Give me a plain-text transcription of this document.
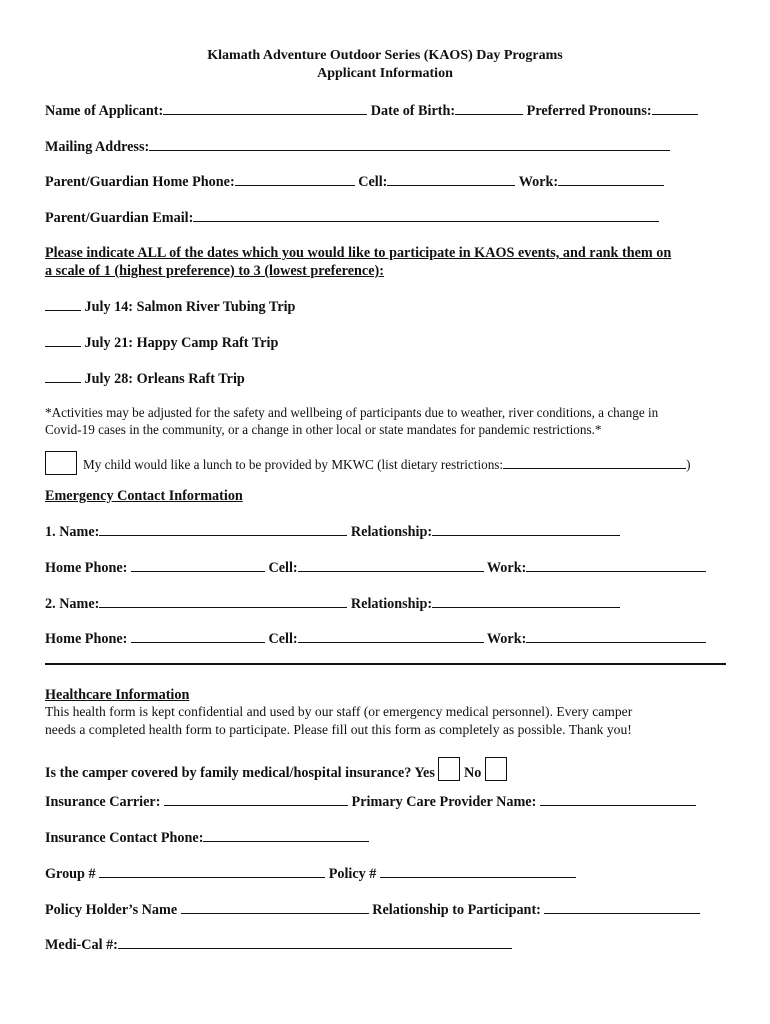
Klamath Adventure Outdoor Series (KAOS) Day Programs
Applicant Information
Name of Applicant:	Date of Birth:	Preferred Pronouns:
Mailing Address:
Parent/Guardian Home Phone:	Cell:	Work:
Parent/Guardian Email:
Please indicate ALL of the dates which you would like to participate in KAOS events, and rank them on
a scale of 1 (highest preference) to 3 (lowest preference):
July 14: Salmon River Tubing Trip
July 21: Happy Camp Raft Trip
July 28: Orleans Raft Trip
*Activities may be adjusted for the safety and wellbeing of participants due to weather, river conditions, a change in
Covid-19 cases in the community, or a change in other local or state mandates for pandemic restrictions.*
My child would like a lunch to be provided by MKWC (list dietary restrictions:	)
Emergency Contact Information
1. Name:	Relationship:
Home Phone:	Cell:	Work:
2. Name:	Relationship:
Home Phone:	Cell:	Work:
Healthcare Information
This health form is kept confidential and used by our staff (or emergency medical personnel). Every camper
needs a completed health form to participate. Please fill out this form as completely as possible. Thank you!
Is the camper covered by family medical/hospital insurance? Yes No
Insurance Carrier:	Primary Care Provider Name:
Insurance Contact Phone:
Group #	Policy #
Policy Holder’s Name	Relationship to Participant:
Medi-Cal #:
